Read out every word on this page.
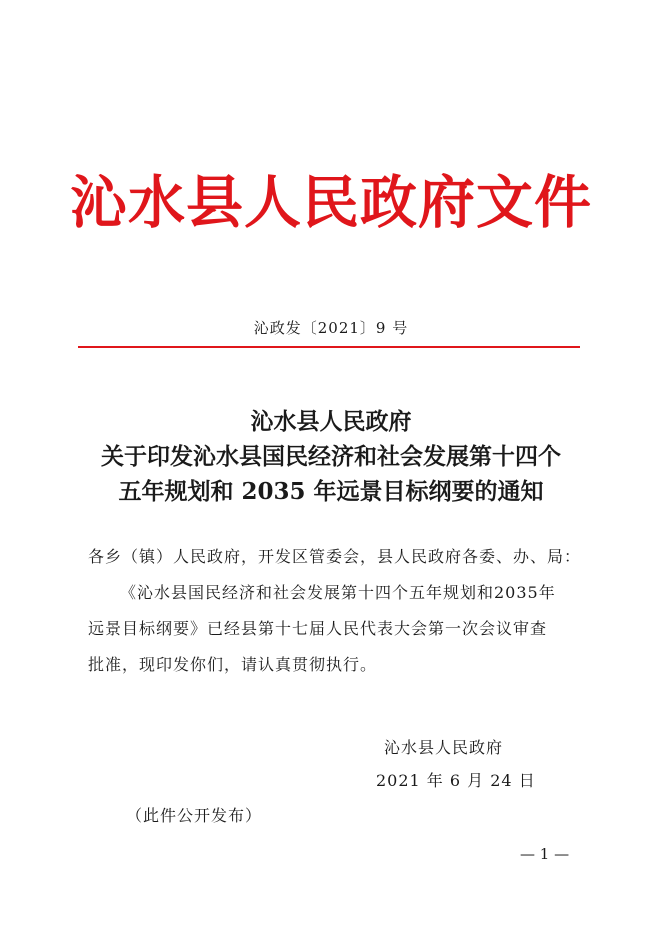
沁水县人民政府文件
沁政发〔2021〕9 号
沁水县人民政府
关于印发沁水县国民经济和社会发展第十四个
五年规划和 2035 年远景目标纲要的通知
各乡（镇）人民政府，开发区管委会，县人民政府各委、办、局：
《沁水县国民经济和社会发展第十四个五年规划和2035年
远景目标纲要》已经县第十七届人民代表大会第一次会议审查
批准，现印发你们，请认真贯彻执行。
沁水县人民政府
2021 年 6 月 24 日
（此件公开发布）
— 1 —
